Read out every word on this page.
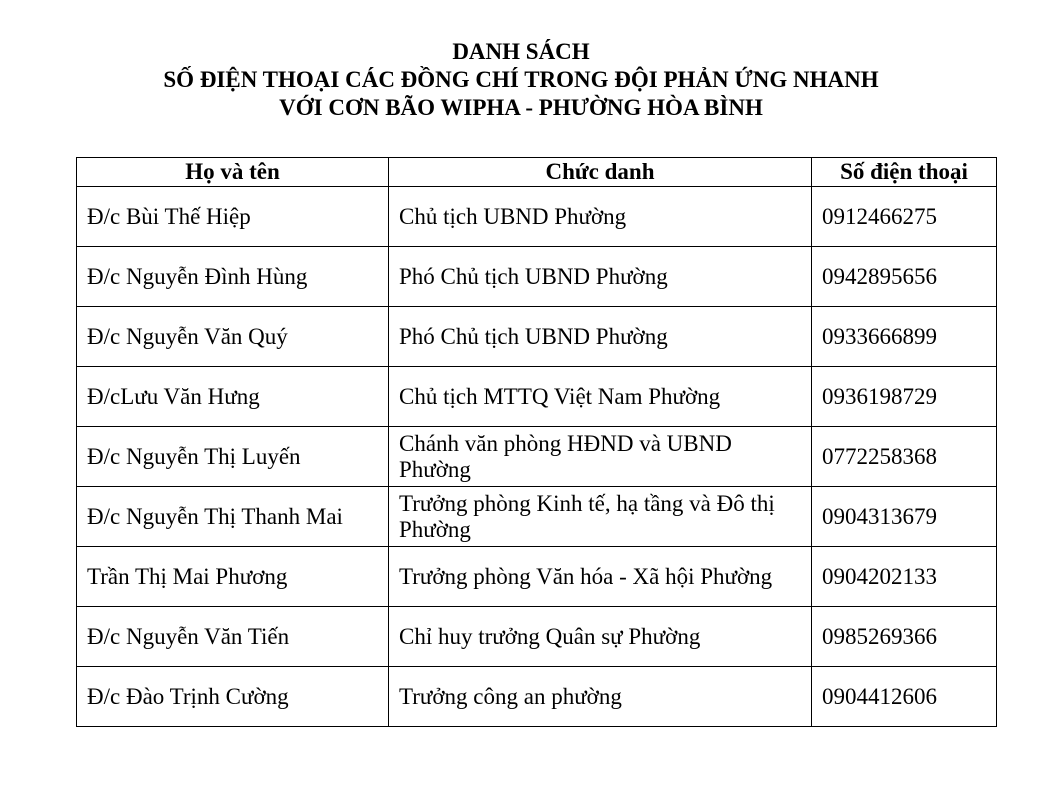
DANH SÁCH
SỐ ĐIỆN THOẠI CÁC ĐỒNG CHÍ TRONG ĐỘI PHẢN ỨNG NHANH
VỚI CƠN BÃO WIPHA - PHƯỜNG HÒA BÌNH
Họ và tên	Chức danh	Số điện thoại
Đ/c Bùi Thế Hiệp	Chủ tịch UBND Phường	0912466275
Đ/c Nguyễn Đình Hùng	Phó Chủ tịch UBND Phường	0942895656
Đ/c Nguyễn Văn Quý	Phó Chủ tịch UBND Phường	0933666899
Đ/cLưu Văn Hưng	Chủ tịch MTTQ Việt Nam Phường	0936198729
Đ/c Nguyễn Thị Luyến	Chánh văn phòng HĐND và UBND Phường	0772258368
Đ/c Nguyễn Thị Thanh Mai	Trưởng phòng Kinh tế, hạ tầng và Đô thị Phường	0904313679
Trần Thị Mai Phương	Trưởng phòng Văn hóa - Xã hội Phường	0904202133
Đ/c Nguyễn Văn Tiến	Chỉ huy trưởng Quân sự Phường	0985269366
Đ/c Đào Trịnh Cường	Trưởng công an phường	0904412606
